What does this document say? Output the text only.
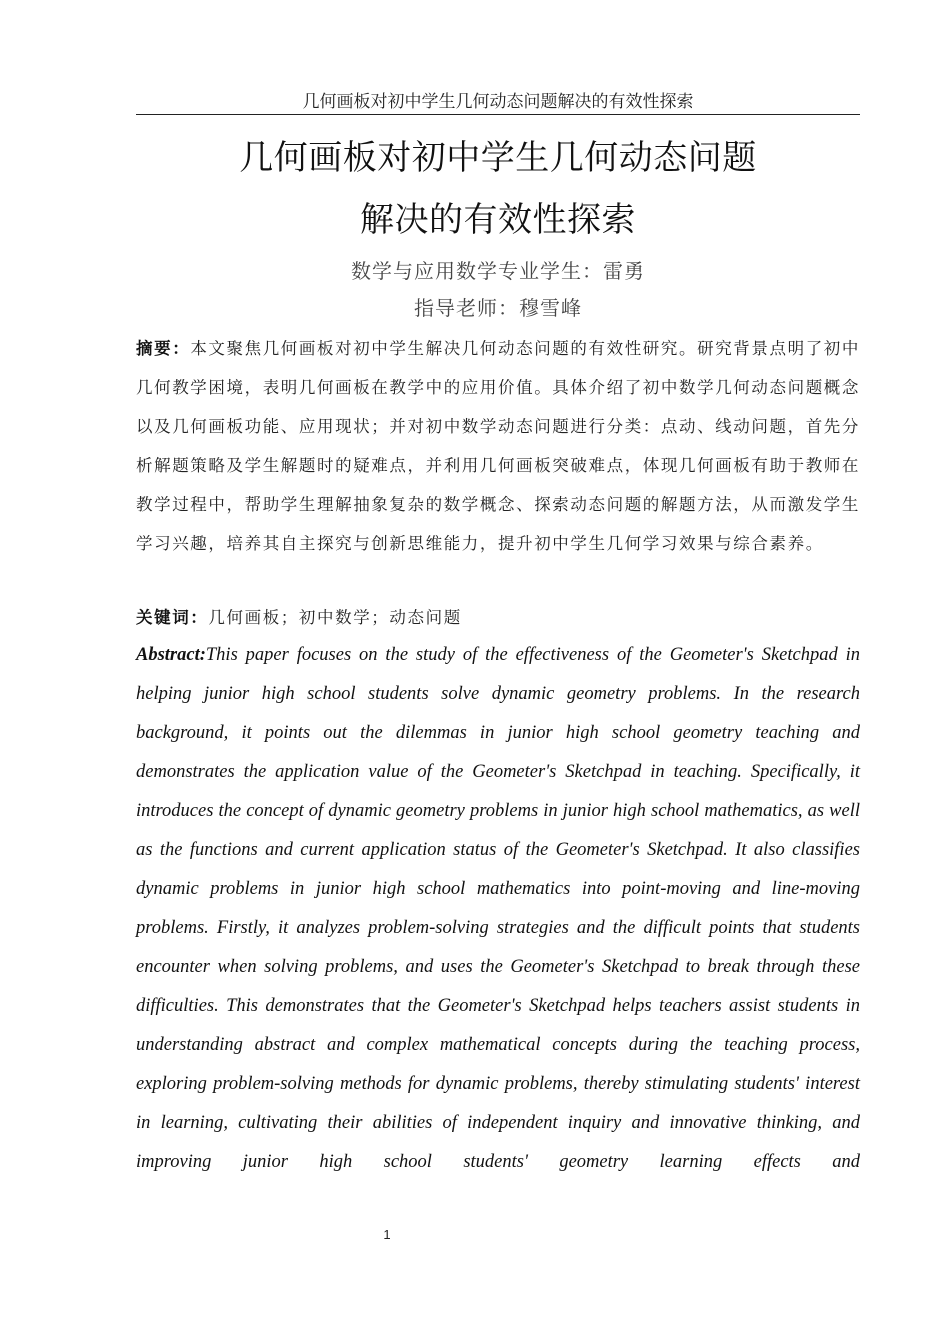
几何画板对初中学生几何动态问题解决的有效性探索
几何画板对初中学生几何动态问题
解决的有效性探索
数学与应用数学专业学生：雷勇
指导老师：穆雪峰
摘要：本文聚焦几何画板对初中学生解决几何动态问题的有效性研究。研究背景点明了初中几何教学困境，表明几何画板在教学中的应用价值。具体介绍了初中数学几何动态问题概念以及几何画板功能、应用现状；并对初中数学动态问题进行分类：点动、线动问题，首先分析解题策略及学生解题时的疑难点，并利用几何画板突破难点，体现几何画板有助于教师在教学过程中，帮助学生理解抽象复杂的数学概念、探索动态问题的解题方法，从而激发学生学习兴趣，培养其自主探究与创新思维能力，提升初中学生几何学习效果与综合素养。
关键词：几何画板；初中数学；动态问题
Abstract:This paper focuses on the study of the effectiveness of the Geometer's Sketchpad in helping junior high school students solve dynamic geometry problems. In the research background, it points out the dilemmas in junior high school geometry teaching and demonstrates the application value of the Geometer's Sketchpad in teaching. Specifically, it introduces the concept of dynamic geometry problems in junior high school mathematics, as well as the functions and current application status of the Geometer's Sketchpad. It also classifies dynamic problems in junior high school mathematics into point-moving and line-moving problems. Firstly, it analyzes problem-solving strategies and the difficult points that students encounter when solving problems, and uses the Geometer's Sketchpad to break through these difficulties. This demonstrates that the Geometer's Sketchpad helps teachers assist students in understanding abstract and complex mathematical concepts during the teaching process, exploring problem-solving methods for dynamic problems, thereby stimulating students' interest in learning, cultivating their abilities of independent inquiry and innovative thinking, and improving junior high school students' geometry learning effects and
1
